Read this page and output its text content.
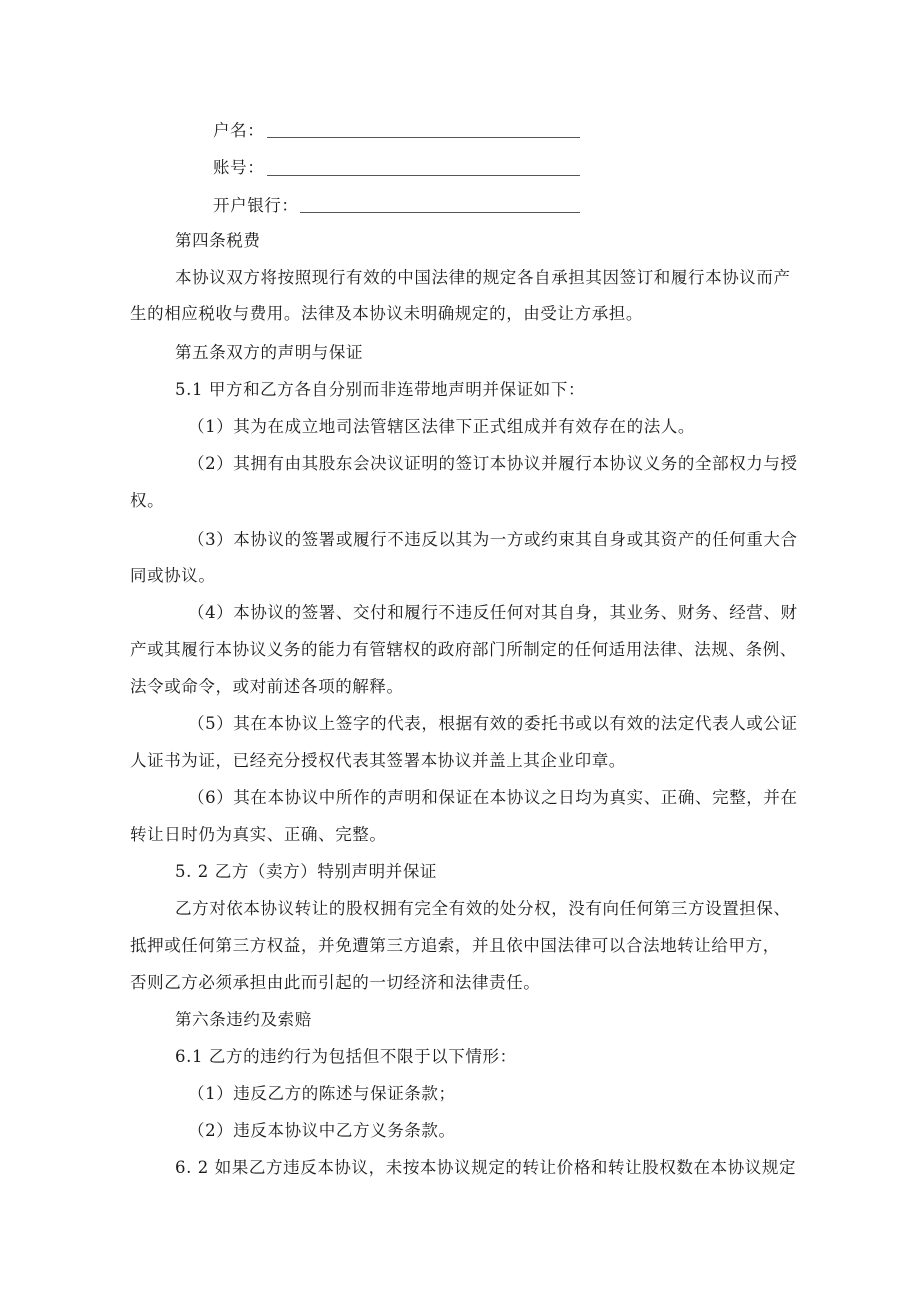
户名：
账号：
开户银行：
第四条税费
本协议双方将按照现行有效的中国法律的规定各自承担其因签订和履行本协议而产
生的相应税收与费用。法律及本协议未明确规定的，由受让方承担。
第五条双方的声明与保证
5.1 甲方和乙方各自分别而非连带地声明并保证如下：
（1）其为在成立地司法管辖区法律下正式组成并有效存在的法人。
（2）其拥有由其股东会决议证明的签订本协议并履行本协议义务的全部权力与授
权。
（3）本协议的签署或履行不违反以其为一方或约束其自身或其资产的任何重大合
同或协议。
（4）本协议的签署、交付和履行不违反任何对其自身，其业务、财务、经营、财
产或其履行本协议义务的能力有管辖权的政府部门所制定的任何适用法律、法规、条例、
法令或命令，或对前述各项的解释。
（5）其在本协议上签字的代表，根据有效的委托书或以有效的法定代表人或公证
人证书为证，已经充分授权代表其签署本协议并盖上其企业印章。
（6）其在本协议中所作的声明和保证在本协议之日均为真实、正确、完整，并在
转让日时仍为真实、正确、完整。
5. 2 乙方（卖方）特别声明并保证
乙方对依本协议转让的股权拥有完全有效的处分权，没有向任何第三方设置担保、
抵押或任何第三方权益，并免遭第三方追索，并且依中国法律可以合法地转让给甲方，
否则乙方必须承担由此而引起的一切经济和法律责任。
第六条违约及索赔
6.1 乙方的违约行为包括但不限于以下情形：
（1）违反乙方的陈述与保证条款；
（2）违反本协议中乙方义务条款。
6. 2 如果乙方违反本协议，未按本协议规定的转让价格和转让股权数在本协议规定
